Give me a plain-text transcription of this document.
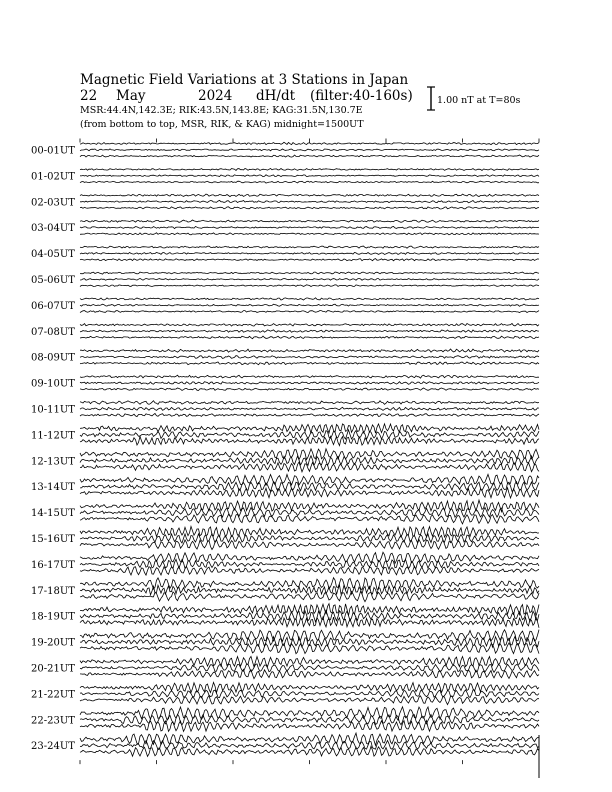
Magnetic Field Variations at 3 Stations in Japan
22 May	2024 dH/dt (filter:40-160s)
MSR:44.4N,142.3E; RIK:43.5N,143.8E; KAG:31.5N,130.7E
(from bottom to top, MSR, RIK, & KAG) midnight=1500UT
1.00 nT at T=80s
00-01UT
01-02UT
02-03UT
03-04UT
04-05UT
05-06UT
06-07UT
07-08UT
08-09UT
09-10UT
10-11UT
11-12UT
12-13UT
13-14UT
14-15UT
15-16UT
16-17UT
17-18UT
18-19UT
19-20UT
20-21UT
21-22UT
22-23UT
23-24UT
